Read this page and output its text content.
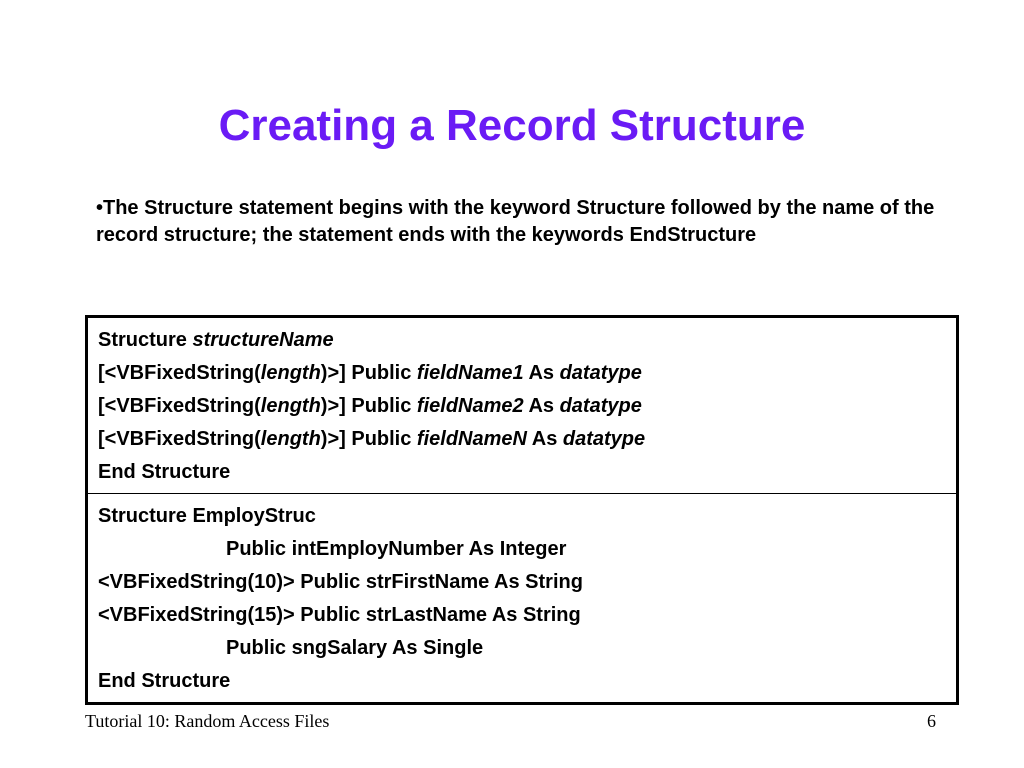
Creating a Record Structure

•The Structure statement begins with the keyword Structure followed by the name of the record structure; the statement ends with the keywords EndStructure

Structure structureName
[<VBFixedString(length)>] Public fieldName1 As datatype
[<VBFixedString(length)>] Public fieldName2 As datatype
[<VBFixedString(length)>] Public fieldNameN As datatype
End Structure
Structure EmployStruc
Public intEmployNumber As Integer
<VBFixedString(10)> Public strFirstName As String
<VBFixedString(15)> Public strLastName As String
Public sngSalary As Single
End Structure
Tutorial 10: Random Access Files	6
